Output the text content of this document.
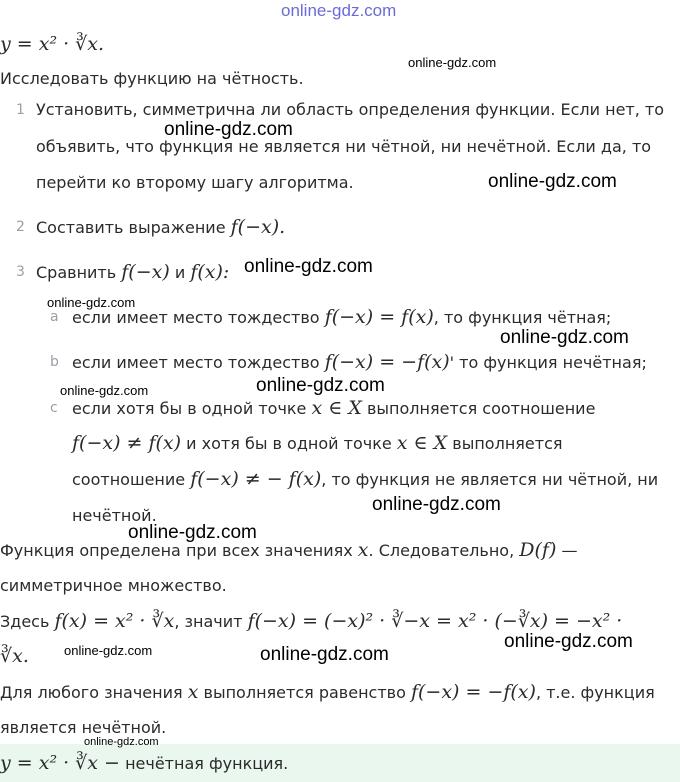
online-gdz.com
y = x² · ∛x.
online-gdz.com
Исследовать функцию на чётность.
1 Установить, симметрична ли область определения функции. Если нет, то
online-gdz.com
объявить, что функция не является ни чётной, ни нечётной. Если да, то
перейти ко второму шагу алгоритма.	online-gdz.com
2 Составить выражение f(−x).
3 Сравнить f(−x) и f(x): online-gdz.com
online-gdz.com
a если имеет место тождество f(−x) = f(x), то функция чётная;
online-gdz.com
b если имеет место тождество f(−x) = −f(x)' то функция нечётная;
online-gdz.com
online-gdz.com
c если хотя бы в одной точке x ∈ X выполняется соотношение
f(−x) ≠ f(x) и хотя бы в одной точке x ∈ X выполняется
соотношение f(−x) ≠ − f(x), то функция не является ни чётной, ни
online-gdz.com
нечётной.
online-gdz.com
Функция определена при всех значениях x. Следовательно, D(f) —
симметричное множество.
Здесь f(x) = x² · ∛x, значит f(−x) = (−x)² · ∛−x = x² · (−∛x) = −x² ·
online-gdz.com
∛x.	online-gdz.com	online-gdz.com
Для любого значения x выполняется равенство f(−x) = −f(x), т.е. функция
является нечётной.
y = x² · ∛x − нечётная функция.
online-gdz.com
